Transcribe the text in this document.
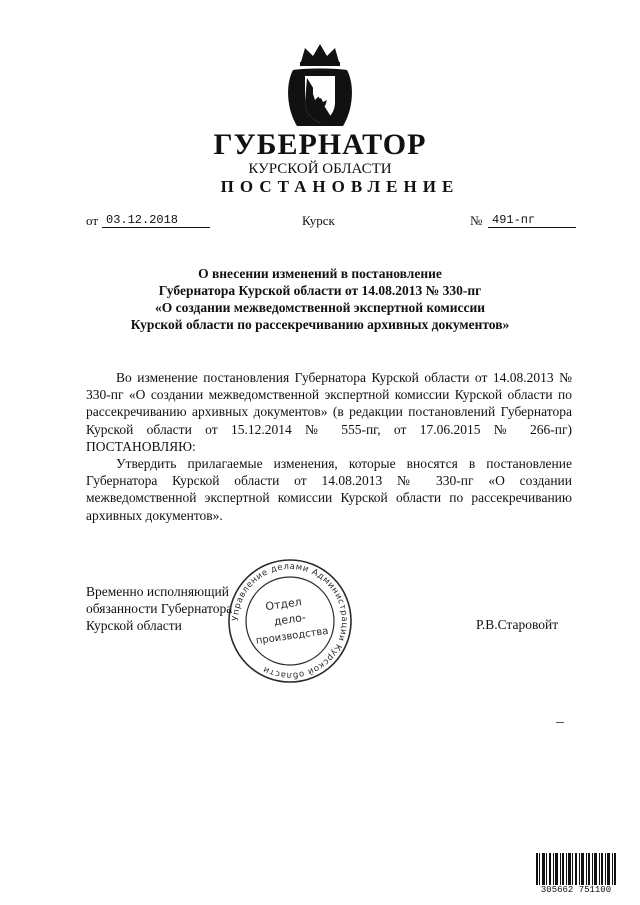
ГУБЕРНАТОР
КУРСКОЙ ОБЛАСТИ
ПОСТАНОВЛЕНИЕ
от 03.12.2018	Курск	№ 491-пг
О внесении изменений в постановление
Губернатора Курской области от 14.08.2013 № 330-пг
«О создании межведомственной экспертной комиссии
Курской области по рассекречиванию архивных документов»

Во изменение постановления Губернатора Курской области от 14.08.2013 № 330-пг «О создании межведомственной экспертной комиссии Курской области по рассекречиванию архивных документов» (в редакции постановлений Губернатора Курской области от 15.12.2014 № 555-пг, от 17.06.2015 № 266-пг) ПОСТАНОВЛЯЮ:

Утвердить прилагаемые изменения, которые вносятся в постановление Губернатора Курской области от 14.08.2013 № 330-пг «О создании межведомственной экспертной комиссии Курской области по рассекречиванию архивных документов».

Временно исполняющий
обязанности Губернатора
Курской области	Управление делами Администрации Курской области
Отдел
дело-
производства
Р.В.Старовойт
305662 751100
